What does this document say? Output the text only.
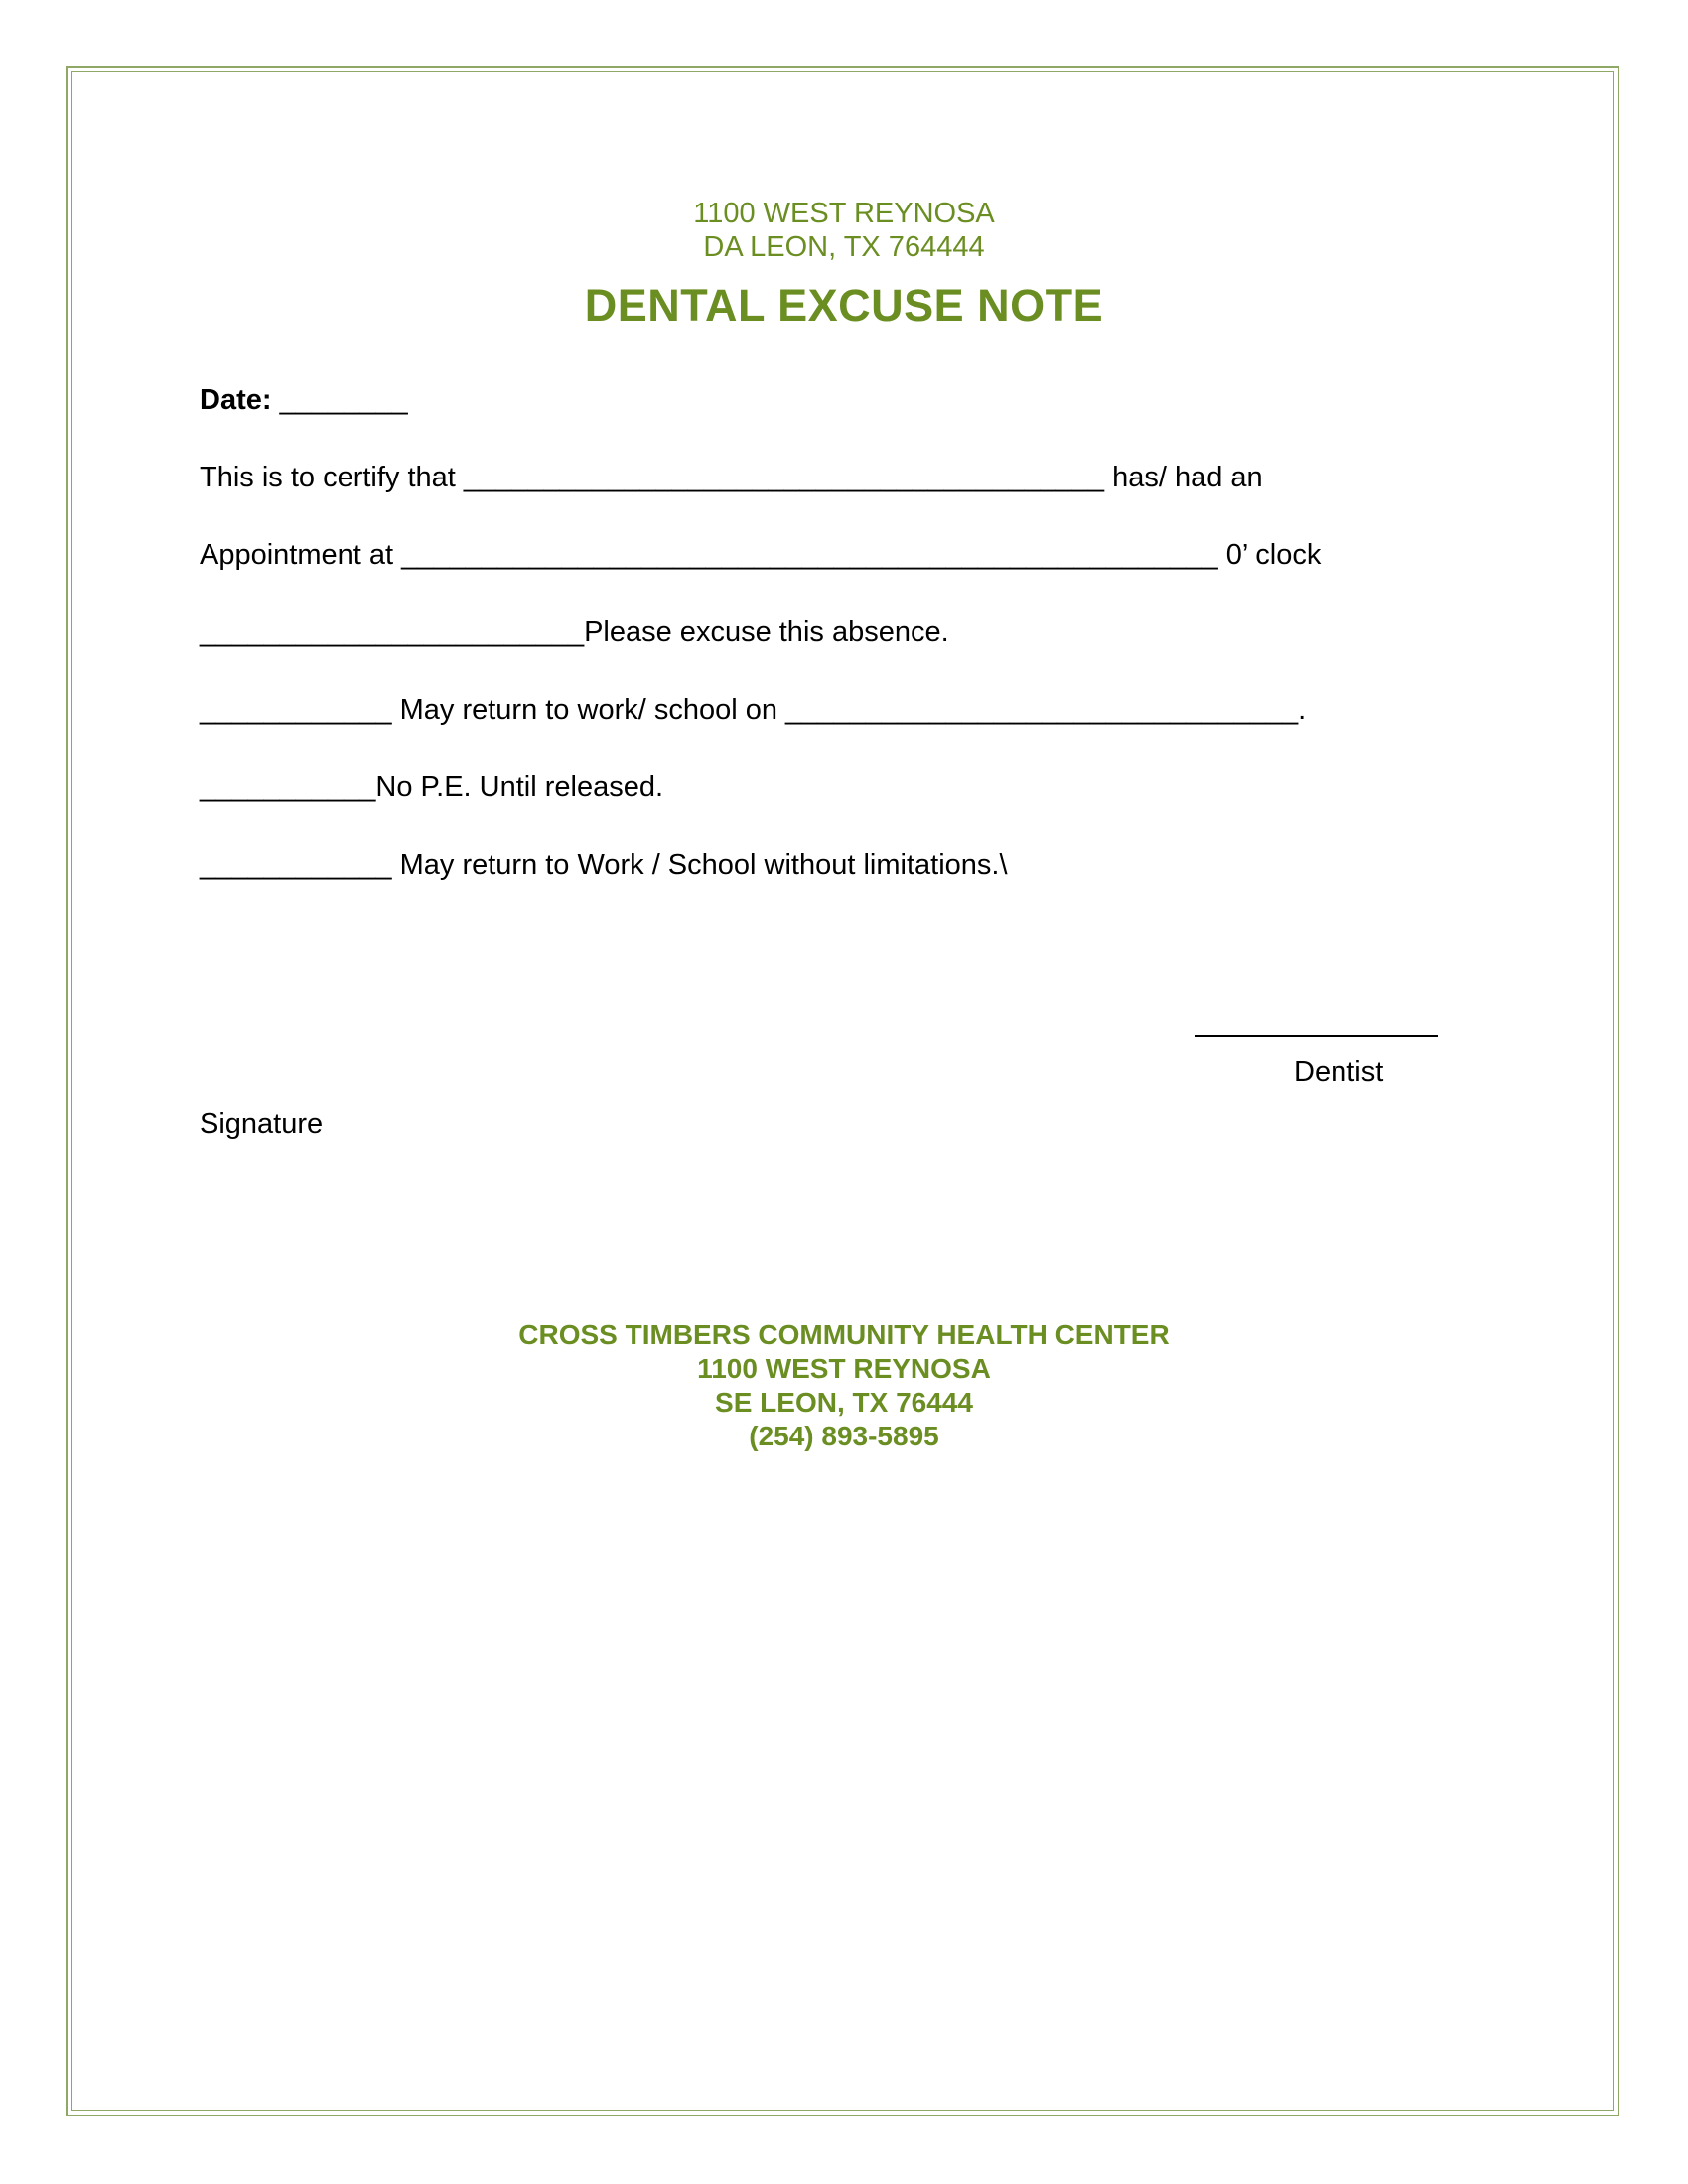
1100 WEST REYNOSA
DA LEON, TX 764444
DENTAL EXCUSE NOTE
Date: ________
This is to certify that ________________________________________ has/ had an
Appointment at ___________________________________________________ 0’ clock
________________________Please excuse this absence.
____________ May return to work/ school on ________________________________.
___________No P.E. Until released.
____________ May return to Work / School without limitations.\
Dentist
Signature
CROSS TIMBERS COMMUNITY HEALTH CENTER
1100 WEST REYNOSA
SE LEON, TX 76444
(254) 893-5895
